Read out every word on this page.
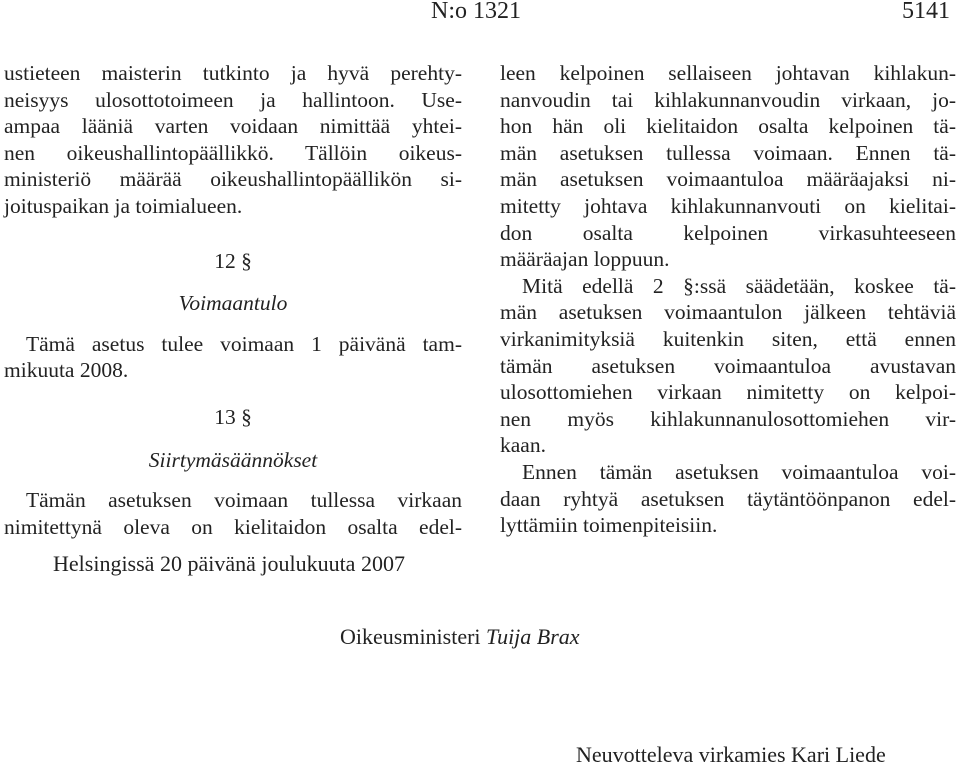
N:o 1321	5141
ustieteen maisterin tutkinto ja hyvä perehty-
neisyys ulosottotoimeen ja hallintoon. Use-
ampaa lääniä varten voidaan nimittää yhtei-
nen oikeushallintopäällikkö. Tällöin oikeus-
ministeriö määrää oikeushallintopäällikön si-
joituspaikan ja toimialueen.
12 §
Voimaantulo
Tämä asetus tulee voimaan 1 päivänä tam-
mikuuta 2008.
13 §
Siirtymäsäännökset
Tämän asetuksen voimaan tullessa virkaan
nimitettynä oleva on kielitaidon osalta edel-
leen kelpoinen sellaiseen johtavan kihlakun-
nanvoudin tai kihlakunnanvoudin virkaan, jo-
hon hän oli kielitaidon osalta kelpoinen tä-
män asetuksen tullessa voimaan. Ennen tä-
män asetuksen voimaantuloa määräajaksi ni-
mitetty johtava kihlakunnanvouti on kielitai-
don osalta kelpoinen virkasuhteeseen
määräajan loppuun.
Mitä edellä 2 §:ssä säädetään, koskee tä-
män asetuksen voimaantulon jälkeen tehtäviä
virkanimityksiä kuitenkin siten, että ennen
tämän asetuksen voimaantuloa avustavan
ulosottomiehen virkaan nimitetty on kelpoi-
nen myös kihlakunnanulosottomiehen vir-
kaan.
Ennen tämän asetuksen voimaantuloa voi-
daan ryhtyä asetuksen täytäntöönpanon edel-
lyttämiin toimenpiteisiin.
Helsingissä 20 päivänä joulukuuta 2007
Oikeusministeri Tuija Brax
Neuvotteleva virkamies Kari Liede
